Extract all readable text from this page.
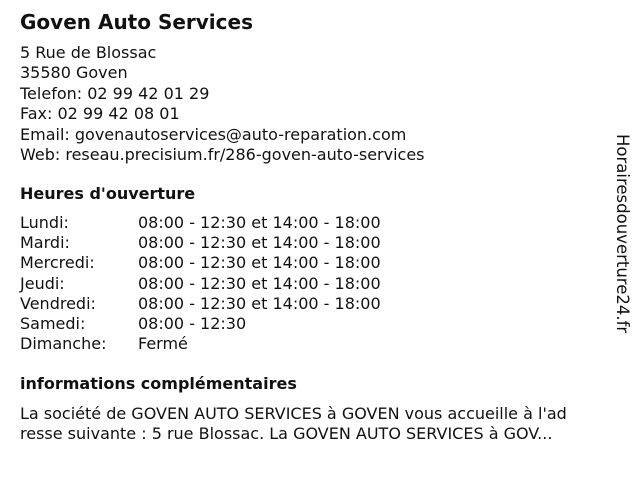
Goven Auto Services
5 Rue de Blossac
35580 Goven
Telefon: 02 99 42 01 29
Fax: 02 99 42 08 01
Email: govenautoservices@auto-reparation.com
Web: reseau.precisium.fr/286-goven-auto-services
Heures d'ouverture
Lundi:	08:00 - 12:30 et 14:00 - 18:00
Mardi:	08:00 - 12:30 et 14:00 - 18:00
Mercredi:	08:00 - 12:30 et 14:00 - 18:00
Jeudi:	08:00 - 12:30 et 14:00 - 18:00
Vendredi:	08:00 - 12:30 et 14:00 - 18:00
Samedi:	08:00 - 12:30
Dimanche: Fermé
informations complémentaires
La société de GOVEN AUTO SERVICES à GOVEN vous accueille à l'ad
resse suivante : 5 rue Blossac. La GOVEN AUTO SERVICES à GOV...
Horairesdouverture24.fr
